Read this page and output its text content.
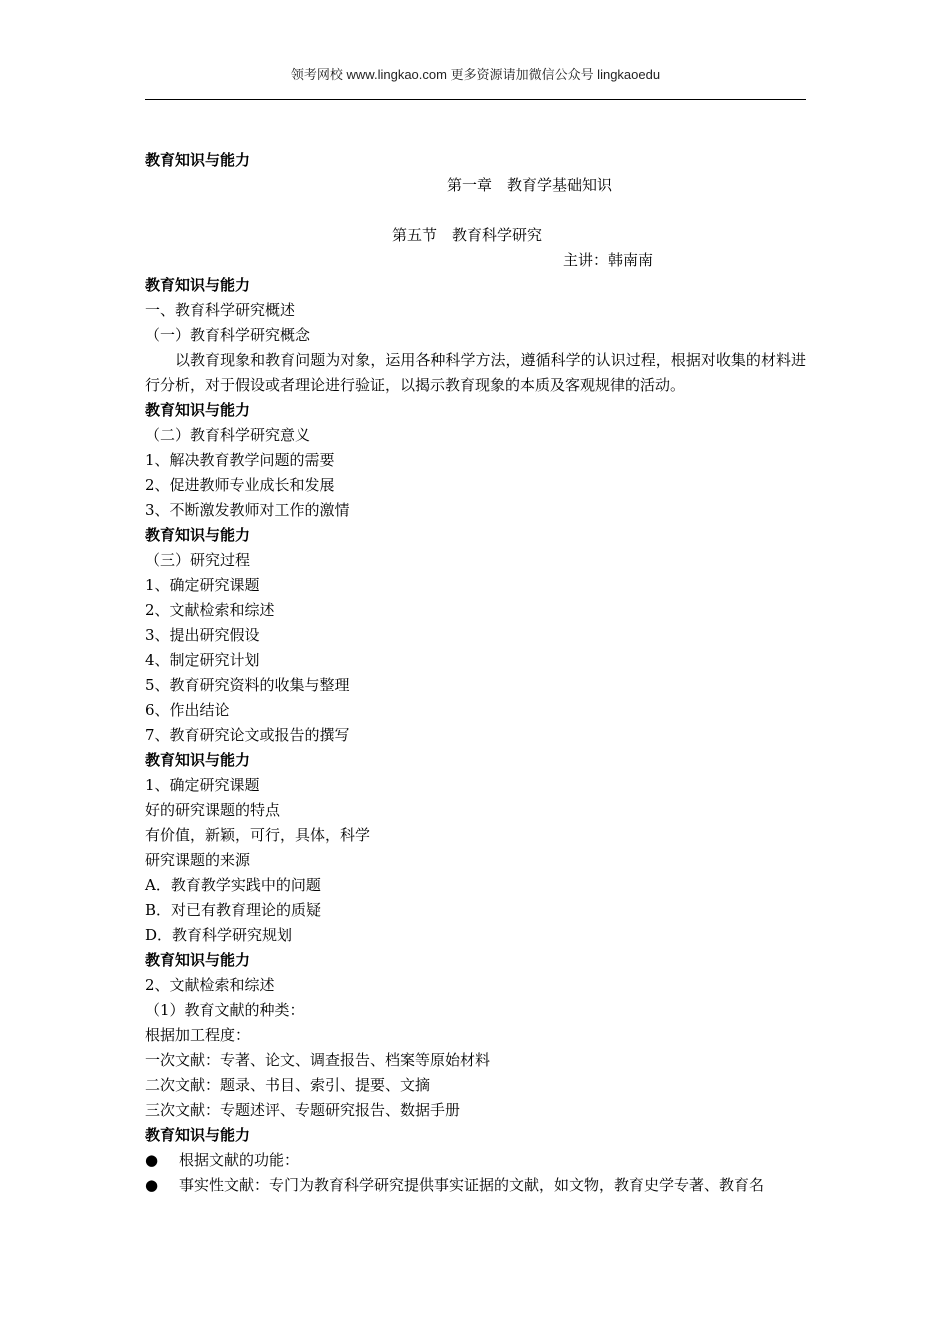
领考网校 www.lingkao.com 更多资源请加微信公众号 lingkaoedu
教育知识与能力
第一章　教育学基础知识
第五节　教育科学研究
主讲：韩南南
教育知识与能力
一、教育科学研究概述
（一）教育科学研究概念
以教育现象和教育问题为对象，运用各种科学方法，遵循科学的认识过程，根据对收集的材料进行分析，对于假设或者理论进行验证，以揭示教育现象的本质及客观规律的活动。
教育知识与能力
（二）教育科学研究意义
1、解决教育教学问题的需要
2、促进教师专业成长和发展
3、不断激发教师对工作的激情
教育知识与能力
（三）研究过程
1、确定研究课题
2、文献检索和综述
3、提出研究假设
4、制定研究计划
5、教育研究资料的收集与整理
6、作出结论
7、教育研究论文或报告的撰写
教育知识与能力
1、确定研究课题
好的研究课题的特点
有价值，新颖，可行，具体，科学
研究课题的来源
A．教育教学实践中的问题
B．对已有教育理论的质疑
D．教育科学研究规划
教育知识与能力
2、文献检索和综述
（1）教育文献的种类：
根据加工程度：
一次文献：专著、论文、调查报告、档案等原始材料
二次文献：题录、书目、索引、提要、文摘
三次文献：专题述评、专题研究报告、数据手册
教育知识与能力
●	根据文献的功能：
●	事实性文献：专门为教育科学研究提供事实证据的文献，如文物，教育史学专著、教育名
